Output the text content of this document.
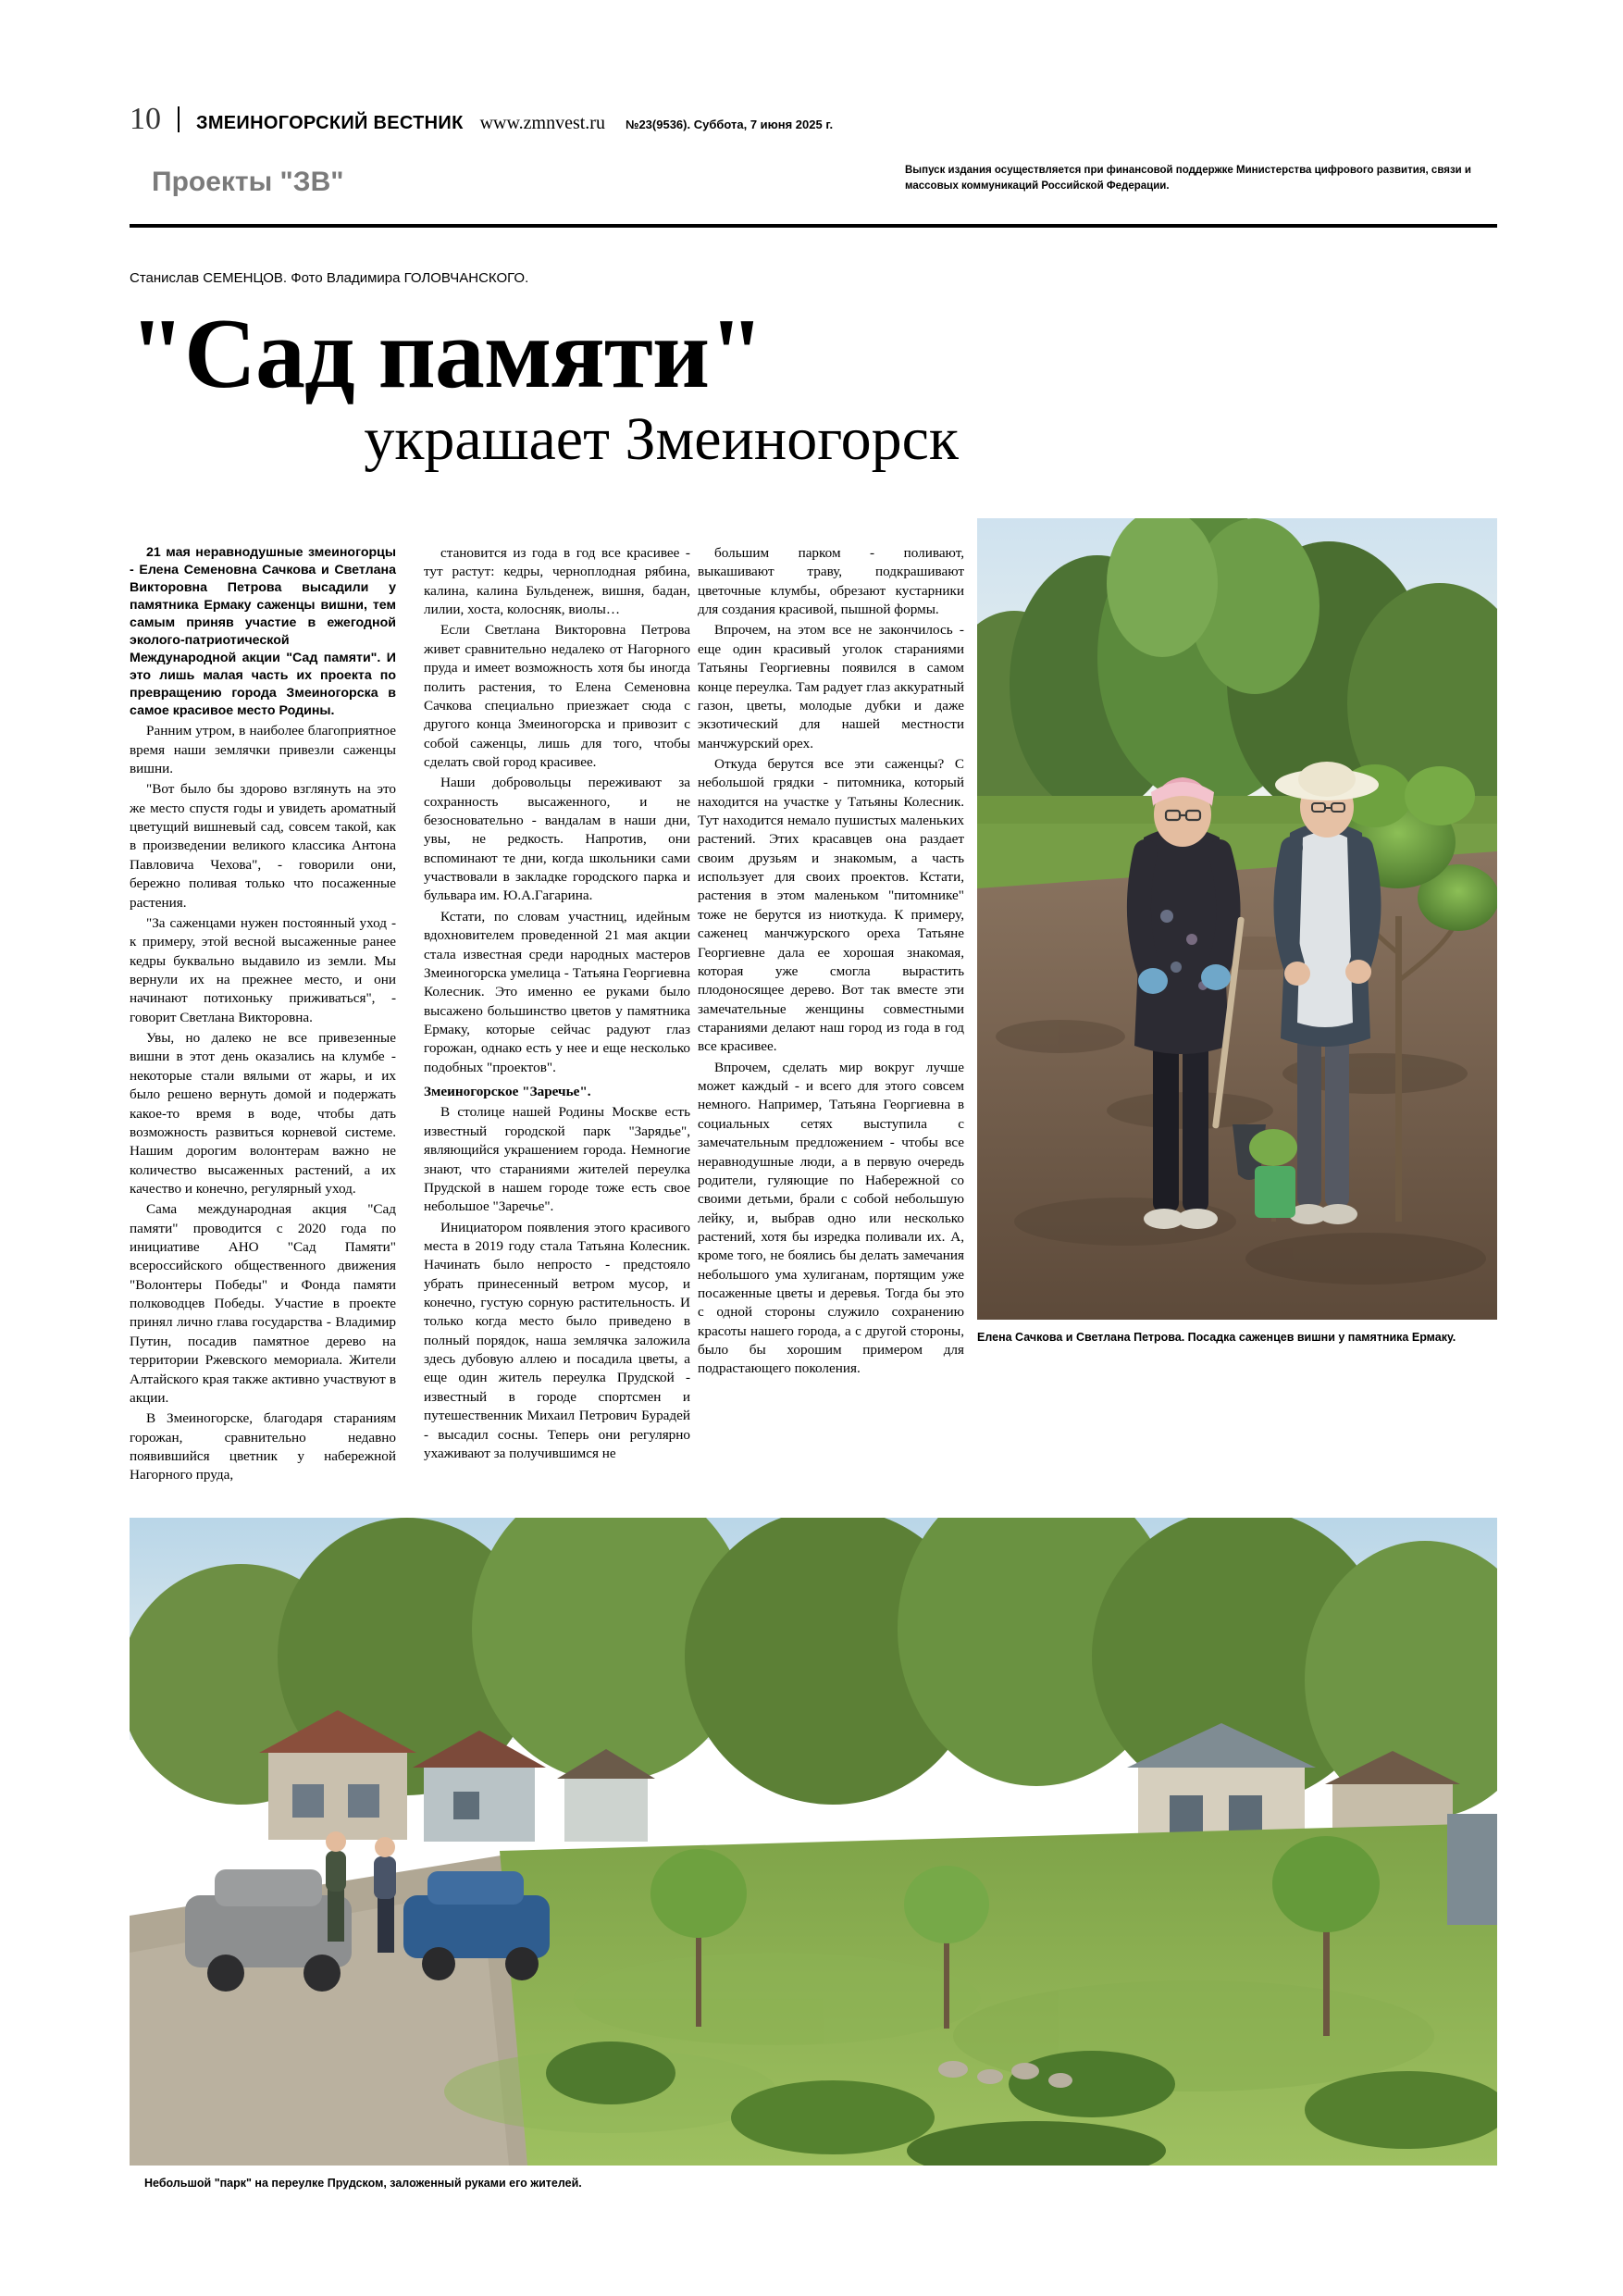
10 ЗМЕИНОГОРСКИЙ ВЕСТНИК www.zmnvest.ru №23(9536). Суббота, 7 июня 2025 г.
Проекты "ЗВ"	Выпуск издания осуществляется при финансовой поддержке Министерства цифрового развития, связи и массовых коммуникаций Российской Федерации.
Станислав СЕМЕНЦОВ. Фото Владимира ГОЛОВЧАНСКОГО.
"Сад памяти"
украшает Змеиногорск

21 мая неравнодушные змеиногорцы - Елена Семеновна Сачкова и Светлана Викторовна Петрова высадили у памятника Ермаку саженцы вишни, тем самым приняв участие в ежегодной эколого-патриотической Международной акции "Сад памяти". И это лишь малая часть их проекта по превращению города Змеиногорска в самое красивое место Родины.

Ранним утром, в наиболее благоприятное время наши землячки привезли саженцы вишни.

"Вот было бы здорово взглянуть на это же место спустя годы и увидеть ароматный цветущий вишневый сад, совсем такой, как в произведении великого классика Антона Павловича Чехова", - говорили они, бережно поливая только что посаженные растения.

"За саженцами нужен постоянный уход - к примеру, этой весной высаженные ранее кедры буквально выдавило из земли. Мы вернули их на прежнее место, и они начинают потихоньку приживаться", - говорит Светлана Викторовна.

Увы, но далеко не все привезенные вишни в этот день оказались на клумбе - некоторые стали вялыми от жары, и их было решено вернуть домой и подержать какое-то время в воде, чтобы дать возможность развиться корневой системе. Нашим дорогим волонтерам важно не количество высаженных растений, а их качество и конечно, регулярный уход.

Сама международная акция "Сад памяти" проводится с 2020 года по инициативе АНО "Сад Памяти" всероссийского общественного движения "Волонтеры Победы" и Фонда памяти полководцев Победы. Участие в проекте принял лично глава государства - Владимир Путин, посадив памятное дерево на территории Ржевского мемориала. Жители Алтайского края также активно участвуют в акции.

В Змеиногорске, благодаря стараниям горожан, сравнительно недавно появившийся цветник у набережной Нагорного пруда,

становится из года в год все красивее - тут растут: кедры, черноплодная рябина, калина, калина Бульденеж, вишня, бадан, лилии, хоста, колосняк, виолы…

Если Светлана Викторовна Петрова живет сравнительно недалеко от Нагорного пруда и имеет возможность хотя бы иногда полить растения, то Елена Семеновна Сачкова специально приезжает сюда с другого конца Змеиногорска и привозит с собой саженцы, лишь для того, чтобы сделать свой город красивее.

Наши добровольцы переживают за сохранность высаженного, и не безосновательно - вандалам в наши дни, увы, не редкость. Напротив, они вспоминают те дни, когда школьники сами участвовали в закладке городского парка и бульвара им. Ю.А.Гагарина.

Кстати, по словам участниц, идейным вдохновителем проведенной 21 мая акции стала известная среди народных мастеров Змеиногорска умелица - Татьяна Георгиевна Колесник. Это именно ее руками было высажено большинство цветов у памятника Ермаку, которые сейчас радуют глаз горожан, однако есть у нее и еще несколько подобных "проектов".

Змеиногорское "Заречье".

В столице нашей Родины Москве есть известный городской парк "Зарядье", являющийся украшением города. Немногие знают, что стараниями жителей переулка Прудской в нашем городе тоже есть свое небольшое "Заречье".

Инициатором появления этого красивого места в 2019 году стала Татьяна Колесник. Начинать было непросто - предстояло убрать принесенный ветром мусор, и конечно, густую сорную растительность. И только когда место было приведено в полный порядок, наша землячка заложила здесь дубовую аллею и посадила цветы, а еще один житель переулка Прудской - известный в городе спортсмен и путешественник Михаил Петрович Бурадей - высадил сосны. Теперь они регулярно ухаживают за получившимся не

большим парком - поливают, выкашивают траву, подкрашивают цветочные клумбы, обрезают кустарники для создания красивой, пышной формы.

Впрочем, на этом все не закончилось - еще один красивый уголок стараниями Татьяны Георгиевны появился в самом конце переулка. Там радует глаз аккуратный газон, цветы, молодые дубки и даже экзотический для нашей местности манчжурский орех.

Откуда берутся все эти саженцы? С небольшой грядки - питомника, который находится на участке у Татьяны Колесник. Тут находится немало пушистых маленьких растений. Этих красавцев она раздает своим друзьям и знакомым, а часть использует для своих проектов. Кстати, растения в этом маленьком "питомнике" тоже не берутся из ниоткуда. К примеру, саженец манчжурского ореха Татьяне Георгиевне дала ее хорошая знакомая, которая уже смогла вырастить плодоносящее дерево. Вот так вместе эти замечательные женщины совместными стараниями делают наш город из года в год все красивее.

Впрочем, сделать мир вокруг лучше может каждый - и всего для этого совсем немного. Например, Татьяна Георгиевна в социальных сетях выступила с замечательным предложением - чтобы все неравнодушные люди, а в первую очередь родители, гуляющие по Набережной со своими детьми, брали с собой небольшую лейку, и, выбрав одно или несколько растений, хотя бы изредка поливали их. А, кроме того, не боялись бы делать замечания небольшого ума хулиганам, портящим уже посаженные цветы и деревья. Тогда бы это с одной стороны служило сохранению красоты нашего города, а с другой стороны, было бы хорошим примером для подрастающего поколения.

Елена Сачкова и Светлана Петрова. Посадка саженцев вишни у памятника Ермаку.
Небольшой "парк" на переулке Прудском, заложенный руками его жителей.
